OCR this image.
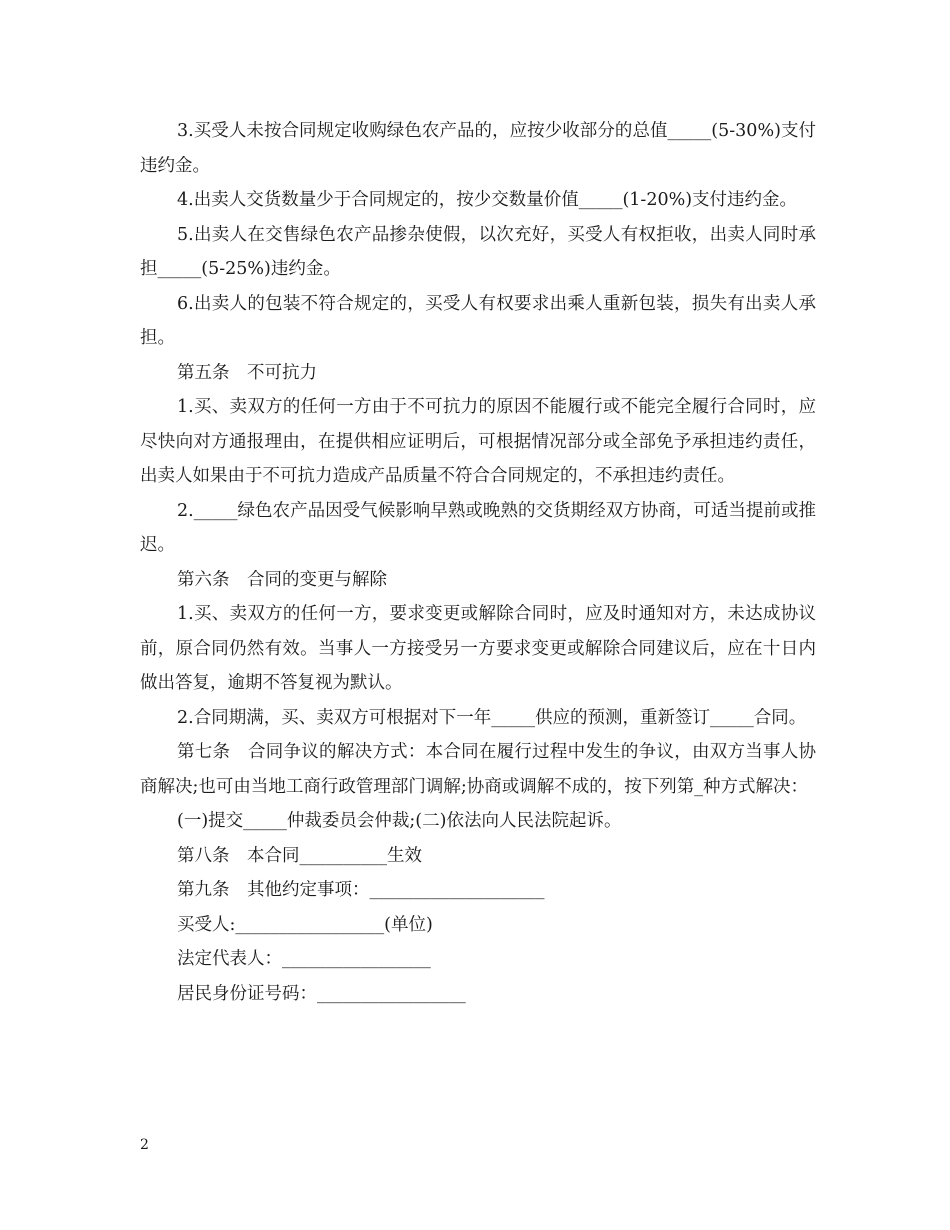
3.买受人未按合同规定收购绿色农产品的，应按少收部分的总值_____(5-30%)支付违约金。

4.出卖人交货数量少于合同规定的，按少交数量价值_____(1-20%)支付违约金。

5.出卖人在交售绿色农产品掺杂使假，以次充好，买受人有权拒收，出卖人同时承担_____(5-25%)违约金。

6.出卖人的包装不符合规定的，买受人有权要求出乘人重新包装，损失有出卖人承担。

第五条　不可抗力

1.买、卖双方的任何一方由于不可抗力的原因不能履行或不能完全履行合同时，应尽快向对方通报理由，在提供相应证明后，可根据情况部分或全部免予承担违约责任，出卖人如果由于不可抗力造成产品质量不符合合同规定的，不承担违约责任。

2._____绿色农产品因受气候影响早熟或晚熟的交货期经双方协商，可适当提前或推迟。

第六条　合同的变更与解除

1.买、卖双方的任何一方，要求变更或解除合同时，应及时通知对方，未达成协议前，原合同仍然有效。当事人一方接受另一方要求变更或解除合同建议后，应在十日内做出答复，逾期不答复视为默认。

2.合同期满，买、卖双方可根据对下一年_____供应的预测，重新签订_____合同。

第七条　合同争议的解决方式：本合同在履行过程中发生的争议，由双方当事人协商解决;也可由当地工商行政管理部门调解;协商或调解不成的，按下列第_种方式解决：

(一)提交_____仲裁委员会仲裁;(二)依法向人民法院起诉。

第八条　本合同__________生效

第九条　其他约定事项：____________________

买受人:_________________(单位)

法定代表人：_________________

居民身份证号码：_________________

2
